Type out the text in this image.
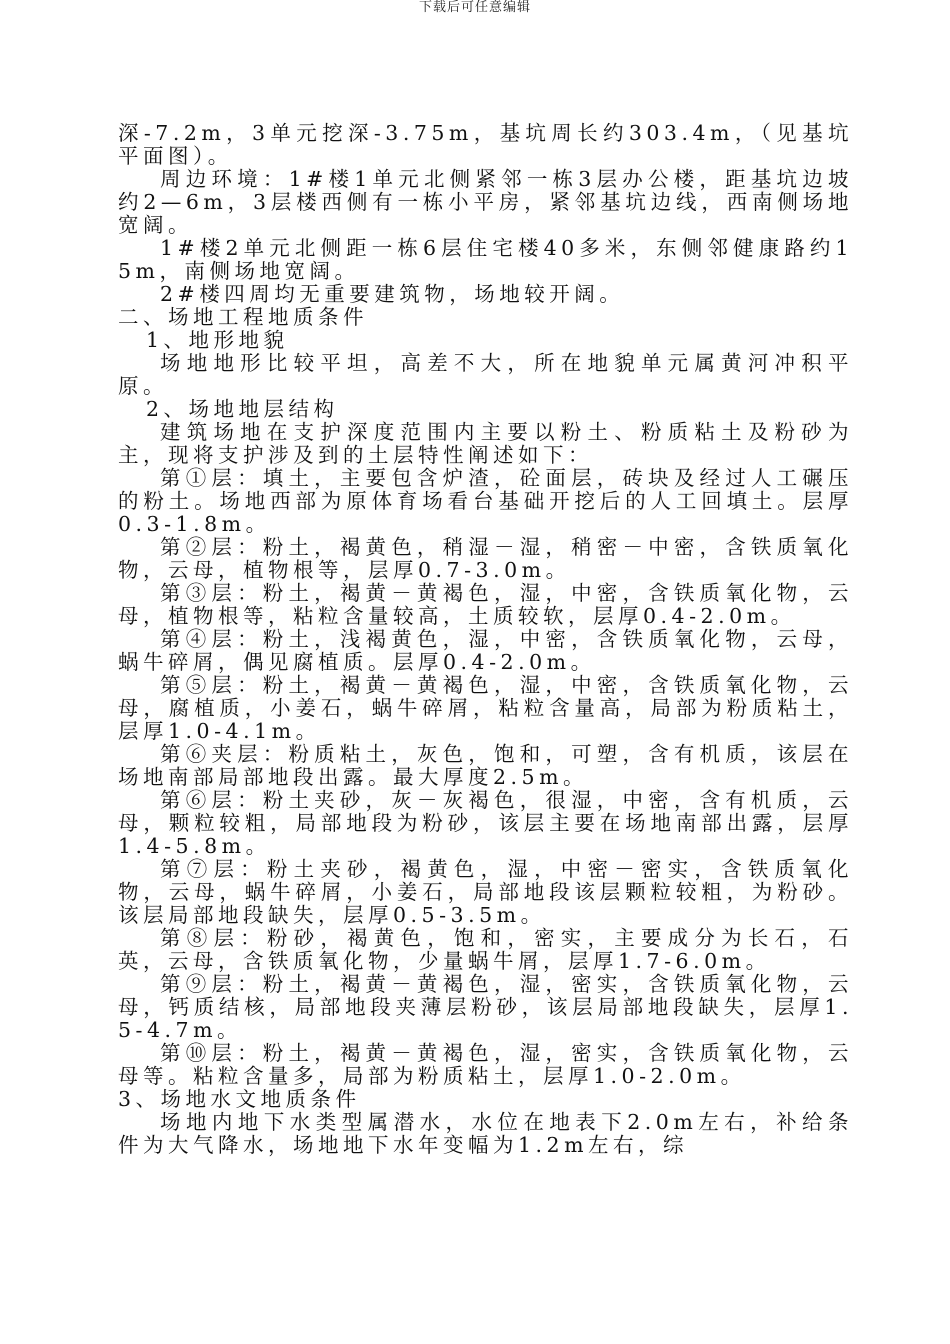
下载后可任意编辑

深-7.2m，3单元挖深-3.75m，基坑周长约303.4m，（见基坑平面图）。

周边环境：1#楼1单元北侧紧邻一栋3层办公楼，距基坑边坡约2—6m，3层楼西侧有一栋小平房，紧邻基坑边线，西南侧场地宽阔。

1#楼2单元北侧距一栋6层住宅楼40多米，东侧邻健康路约15m，南侧场地宽阔。

2#楼四周均无重要建筑物，场地较开阔。

二、场地工程地质条件

1、地形地貌

场地地形比较平坦，高差不大，所在地貌单元属黄河冲积平原。

2、场地地层结构

建筑场地在支护深度范围内主要以粉土、粉质粘土及粉砂为主，现将支护涉及到的土层特性阐述如下：

第①层：填土，主要包含炉渣，砼面层，砖块及经过人工碾压的粉土。场地西部为原体育场看台基础开挖后的人工回填土。层厚0.3-1.8m。

第②层：粉土，褐黄色，稍湿－湿，稍密－中密，含铁质氧化物，云母，植物根等，层厚0.7-3.0m。

第③层：粉土，褐黄－黄褐色，湿，中密，含铁质氧化物，云母，植物根等，粘粒含量较高，土质较软，层厚0.4-2.0m。

第④层：粉土，浅褐黄色，湿，中密，含铁质氧化物，云母，蜗牛碎屑，偶见腐植质。层厚0.4-2.0m。

第⑤层：粉土，褐黄－黄褐色，湿，中密，含铁质氧化物，云母，腐植质，小姜石，蜗牛碎屑，粘粒含量高，局部为粉质粘土，层厚1.0-4.1m。

第⑥夹层：粉质粘土，灰色，饱和，可塑，含有机质，该层在场地南部局部地段出露。最大厚度2.5m。

第⑥层：粉土夹砂，灰－灰褐色，很湿，中密，含有机质，云母，颗粒较粗，局部地段为粉砂，该层主要在场地南部出露，层厚1.4-5.8m。

第⑦层：粉土夹砂，褐黄色，湿，中密－密实，含铁质氧化物，云母，蜗牛碎屑，小姜石，局部地段该层颗粒较粗，为粉砂。该层局部地段缺失，层厚0.5-3.5m。

第⑧层：粉砂，褐黄色，饱和，密实，主要成分为长石，石英，云母，含铁质氧化物，少量蜗牛屑，层厚1.7-6.0m。

第⑨层：粉土，褐黄－黄褐色，湿，密实，含铁质氧化物，云母，钙质结核，局部地段夹薄层粉砂，该层局部地段缺失，层厚1.5-4.7m。

第⑩层：粉土，褐黄－黄褐色，湿，密实，含铁质氧化物，云母等。粘粒含量多，局部为粉质粘土，层厚1.0-2.0m。

3、场地水文地质条件

场地内地下水类型属潜水，水位在地表下2.0m左右，补给条件为大气降水，场地地下水年变幅为1.2m左右，综
